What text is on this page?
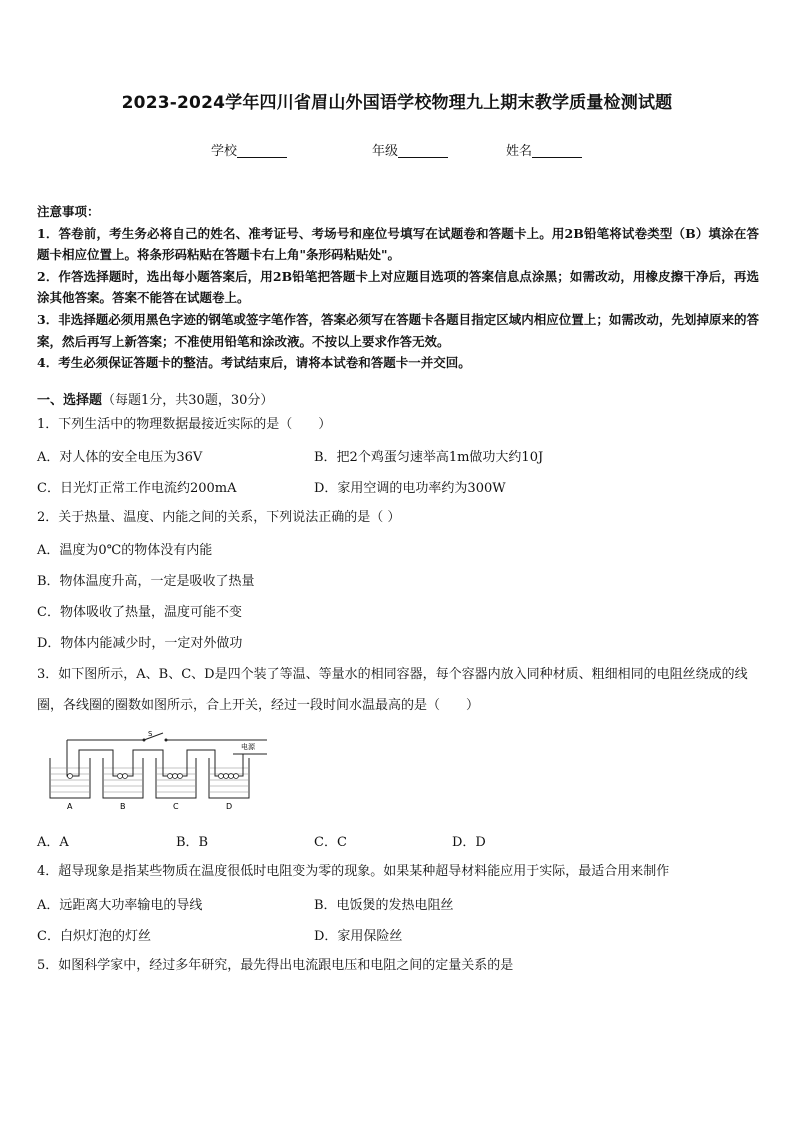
2023-2024学年四川省眉山外国语学校物理九上期末教学质量检测试题
学校	年级	姓名

注意事项：

1．答卷前，考生务必将自己的姓名、准考证号、考场号和座位号填写在试题卷和答题卡上。用2B铅笔将试卷类型（B）填涂在答题卡相应位置上。将条形码粘贴在答题卡右上角"条形码粘贴处"。

2．作答选择题时，选出每小题答案后，用2B铅笔把答题卡上对应题目选项的答案信息点涂黑；如需改动，用橡皮擦干净后，再选涂其他答案。答案不能答在试题卷上。

3．非选择题必须用黑色字迹的钢笔或签字笔作答，答案必须写在答题卡各题目指定区域内相应位置上；如需改动，先划掉原来的答案，然后再写上新答案；不准使用铅笔和涂改液。不按以上要求作答无效。

4．考生必须保证答题卡的整洁。考试结束后，请将本试卷和答题卡一并交回。

一、选择题（每题1分，共30题，30分）
1．下列生活中的物理数据最接近实际的是（　　）
A．对人体的安全电压为36V	B．把2个鸡蛋匀速举高1m做功大约10J
C．日光灯正常工作电流约200mA	D．家用空调的电功率约为300W
2．关于热量、温度、内能之间的关系，下列说法正确的是（ ）
A．温度为0℃的物体没有内能
B．物体温度升高，一定是吸收了热量
C．物体吸收了热量，温度可能不变
D．物体内能减少时，一定对外做功
3．如下图所示，A、B、C、D是四个装了等温、等量水的相同容器，每个容器内放入同种材质、粗细相同的电阻丝绕成的线圈，各线圈的圈数如图所示，合上开关，经过一段时间水温最高的是（　　）
S
电源
A	B	C	D
A．A	B．B	C．C	D．D
4．超导现象是指某些物质在温度很低时电阻变为零的现象。如果某种超导材料能应用于实际，最适合用来制作
A．远距离大功率输电的导线	B．电饭煲的发热电阻丝
C．白炽灯泡的灯丝	D．家用保险丝
5．如图科学家中，经过多年研究，最先得出电流跟电压和电阻之间的定量关系的是
